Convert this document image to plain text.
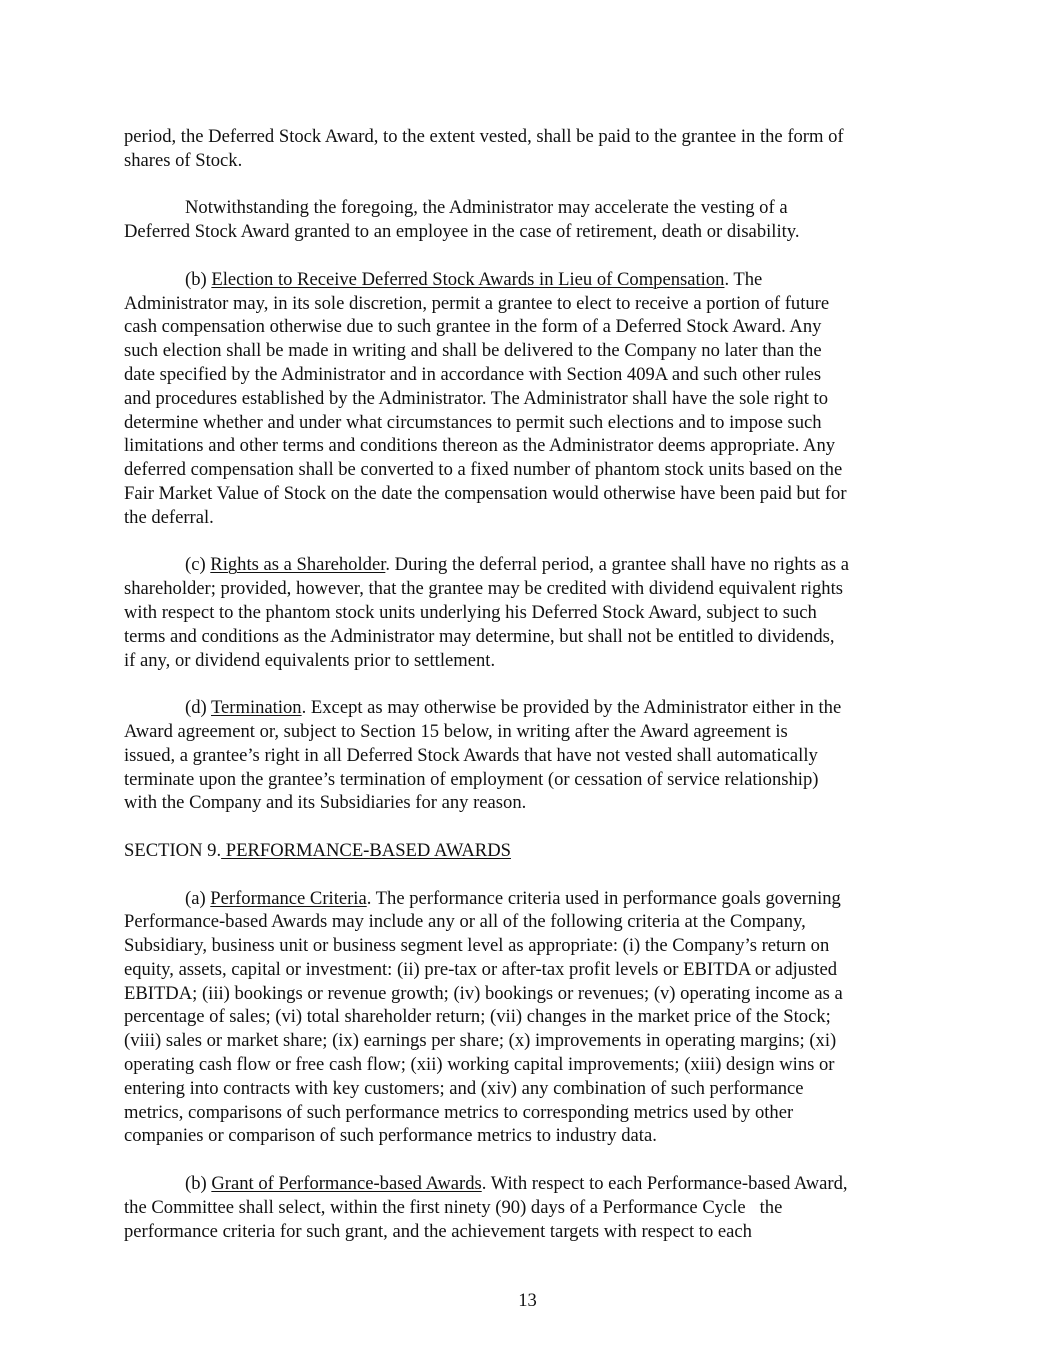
period, the Deferred Stock Award, to the extent vested, shall be paid to the grantee in the form of
shares of Stock.

Notwithstanding the foregoing, the Administrator may accelerate the vesting of a
Deferred Stock Award granted to an employee in the case of retirement, death or disability.

(b) Election to Receive Deferred Stock Awards in Lieu of Compensation. The
Administrator may, in its sole discretion, permit a grantee to elect to receive a portion of future
cash compensation otherwise due to such grantee in the form of a Deferred Stock Award. Any
such election shall be made in writing and shall be delivered to the Company no later than the
date specified by the Administrator and in accordance with Section 409A and such other rules
and procedures established by the Administrator. The Administrator shall have the sole right to
determine whether and under what circumstances to permit such elections and to impose such
limitations and other terms and conditions thereon as the Administrator deems appropriate. Any
deferred compensation shall be converted to a fixed number of phantom stock units based on the
Fair Market Value of Stock on the date the compensation would otherwise have been paid but for
the deferral.

(c) Rights as a Shareholder. During the deferral period, a grantee shall have no rights as a
shareholder; provided, however, that the grantee may be credited with dividend equivalent rights
with respect to the phantom stock units underlying his Deferred Stock Award, subject to such
terms and conditions as the Administrator may determine, but shall not be entitled to dividends,
if any, or dividend equivalents prior to settlement.

(d) Termination. Except as may otherwise be provided by the Administrator either in the
Award agreement or, subject to Section 15 below, in writing after the Award agreement is
issued, a grantee’s right in all Deferred Stock Awards that have not vested shall automatically
terminate upon the grantee’s termination of employment (or cessation of service relationship)
with the Company and its Subsidiaries for any reason.

SECTION 9. PERFORMANCE-BASED AWARDS

(a) Performance Criteria. The performance criteria used in performance goals governing
Performance-based Awards may include any or all of the following criteria at the Company,
Subsidiary, business unit or business segment level as appropriate: (i) the Company’s return on
equity, assets, capital or investment: (ii) pre-tax or after-tax profit levels or EBITDA or adjusted
EBITDA; (iii) bookings or revenue growth; (iv) bookings or revenues; (v) operating income as a
percentage of sales; (vi) total shareholder return; (vii) changes in the market price of the Stock;
(viii) sales or market share; (ix) earnings per share; (x) improvements in operating margins; (xi)
operating cash flow or free cash flow; (xii) working capital improvements; (xiii) design wins or
entering into contracts with key customers; and (xiv) any combination of such performance
metrics, comparisons of such performance metrics to corresponding metrics used by other
companies or comparison of such performance metrics to industry data.

(b) Grant of Performance-based Awards. With respect to each Performance-based Award,
the Committee shall select, within the first ninety (90) days of a Performance Cycle   the
performance criteria for such grant, and the achievement targets with respect to each

13
